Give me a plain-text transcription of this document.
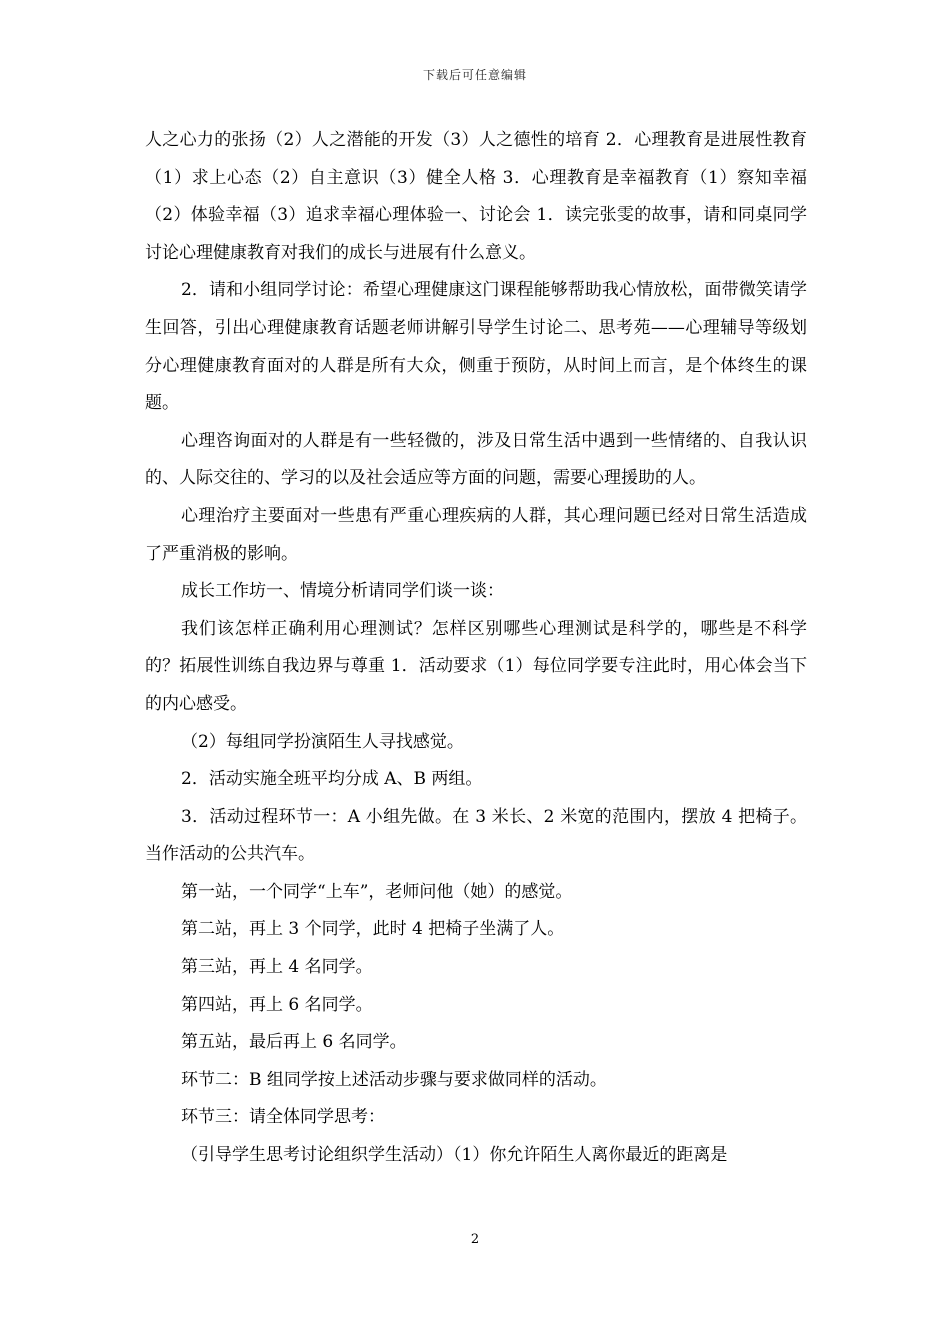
下载后可任意编辑

人之心力的张扬（2）人之潜能的开发（3）人之德性的培育 2．心理教育是进展性教育（1）求上心态（2）自主意识（3）健全人格 3．心理教育是幸福教育（1）察知幸福（2）体验幸福（3）追求幸福心理体验一、讨论会 1．读完张雯的故事，请和同桌同学讨论心理健康教育对我们的成长与进展有什么意义。

2．请和小组同学讨论：希望心理健康这门课程能够帮助我心情放松，面带微笑请学生回答，引出心理健康教育话题老师讲解引导学生讨论二、思考苑——心理辅导等级划分心理健康教育面对的人群是所有大众，侧重于预防，从时间上而言，是个体终生的课题。

心理咨询面对的人群是有一些轻微的，涉及日常生活中遇到一些情绪的、自我认识的、人际交往的、学习的以及社会适应等方面的问题，需要心理援助的人。

心理治疗主要面对一些患有严重心理疾病的人群，其心理问题已经对日常生活造成了严重消极的影响。

成长工作坊一、情境分析请同学们谈一谈：

我们该怎样正确利用心理测试？怎样区别哪些心理测试是科学的，哪些是不科学的？拓展性训练自我边界与尊重 1．活动要求（1）每位同学要专注此时，用心体会当下的内心感受。

（2）每组同学扮演陌生人寻找感觉。

2．活动实施全班平均分成 A、B 两组。

3．活动过程环节一：A 小组先做。在 3 米长、2 米宽的范围内，摆放 4 把椅子。当作活动的公共汽车。

第一站，一个同学“上车”，老师问他（她）的感觉。

第二站，再上 3 个同学，此时 4 把椅子坐满了人。

第三站，再上 4 名同学。

第四站，再上 6 名同学。

第五站，最后再上 6 名同学。

环节二：B 组同学按上述活动步骤与要求做同样的活动。

环节三：请全体同学思考：

（引导学生思考讨论组织学生活动）（1）你允许陌生人离你最近的距离是

2
